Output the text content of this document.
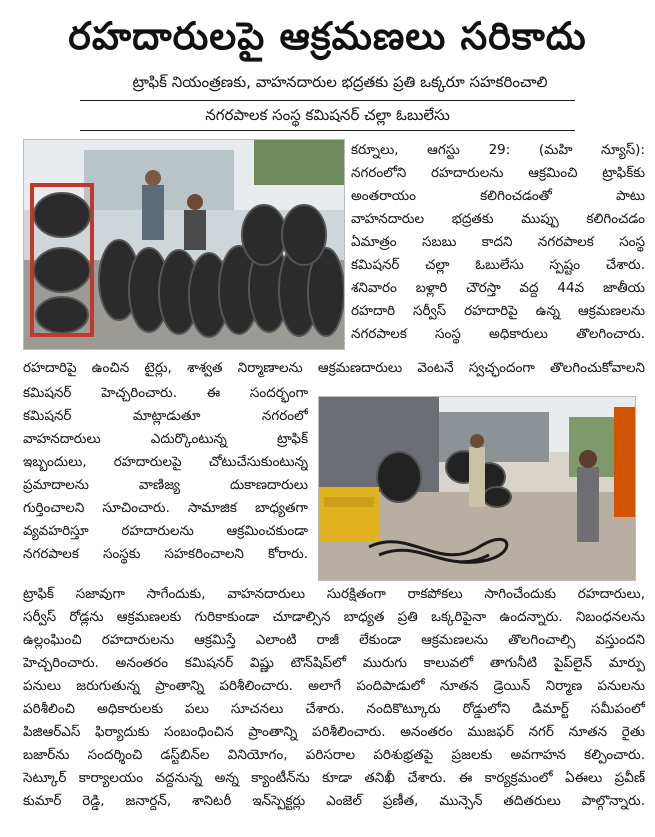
రహదారులపై ఆక్రమణలు సరికాదు
ట్రాఫిక్ నియంత్రణకు, వాహనదారుల భద్రతకు ప్రతి ఒక్కరూ సహకరించాలి
నగరపాలక సంస్థ కమిషనర్ చల్లా ఓబులేసు
కర్నూలు, ఆగస్టు 29: (మహి న్యూస్):
నగరంలోని రహదారులను ఆక్రమించి ట్రాఫిక్‌కు
అంతరాయం కలిగించడంతో పాటు
వాహనదారుల భద్రతకు ముప్పు కలిగించడం
ఏమాత్రం సబబు కాదని నగరపాలక సంస్థ
కమిషనర్ చల్లా ఓబులేసు స్పష్టం చేశారు.
శనివారం బళ్లారి చౌరస్తా వద్ద 44వ జాతీయ
రహదారి సర్వీస్ రహదారిపై ఉన్న ఆక్రమణలను
నగరపాలక సంస్థ అధికారులు తొలగించారు.
రహదారిపై ఉంచిన టైర్లు, శాశ్వత నిర్మాణాలను ఆక్రమణదారులు వెంటనే స్వచ్ఛందంగా తొలగించుకోవాలని
కమిషనర్ హెచ్చరించారు. ఈ సందర్భంగా
కమిషనర్ మాట్లాడుతూ నగరంలో
వాహనదారులు ఎదుర్కొంటున్న ట్రాఫిక్
ఇబ్బందులు, రహదారులపై చోటుచేసుకుంటున్న
ప్రమాదాలను వాణిజ్య దుకాణదారులు
గుర్తించాలని సూచించారు. సామాజిక బాధ్యతగా
వ్యవహరిస్తూ రహదారులను ఆక్రమించకుండా
నగరపాలక సంస్థకు సహకరించాలని కోరారు.
ట్రాఫిక్ సజావుగా సాగేందుకు, వాహనదారులు సురక్షితంగా రాకపోకలు సాగించేందుకు రహదారులు,
సర్వీస్ రోడ్లను ఆక్రమణలకు గురికాకుండా చూడాల్సిన బాధ్యత ప్రతి ఒక్కరిపైనా ఉందన్నారు. నిబంధనలను
ఉల్లంఘించి రహదారులను ఆక్రమిస్తే ఎలాంటి రాజీ లేకుండా ఆక్రమణలను తొలగించాల్సి వస్తుందని
హెచ్చరించారు. అనంతరం కమిషనర్ విష్ణు టౌన్‌షిప్‌లో మురుగు కాలువలో తాగునీటి పైప్‌లైన్ మార్పు
పనులు జరుగుతున్న ప్రాంతాన్ని పరిశీలించారు. అలాగే పందిపాడులో నూతన డ్రెయిన్ నిర్మాణ పనులను
పరిశీలించి అధికారులకు పలు సూచనలు చేశారు. నందికొట్కూరు రోడ్డులోని డిమార్ట్ సమీపంలో
పిజిఆర్ఎస్ ఫిర్యాదుకు సంబంధించిన ప్రాంతాన్ని పరిశీలించారు. అనంతరం ముజఫర్ నగర్ నూతన రైతు
బజార్‌ను సందర్శించి డస్ట్‌బిన్‌ల వినియోగం, పరిసరాల పరిశుభ్రతపై ప్రజలకు అవగాహన కల్పించారు.
సెట్కూర్ కార్యాలయం వద్దనున్న అన్న క్యాంటీన్‌ను కూడా తనిఖీ చేశారు. ఈ కార్యక్రమంలో ఏఈలు ప్రవీణ్
కుమార్ రెడ్డి, జనార్దన్, శానిటరీ ఇన్‌స్పెక్టర్లు ఎంజెల్ ప్రణీత, మున్సెన్ తదితరులు పాల్గొన్నారు.
